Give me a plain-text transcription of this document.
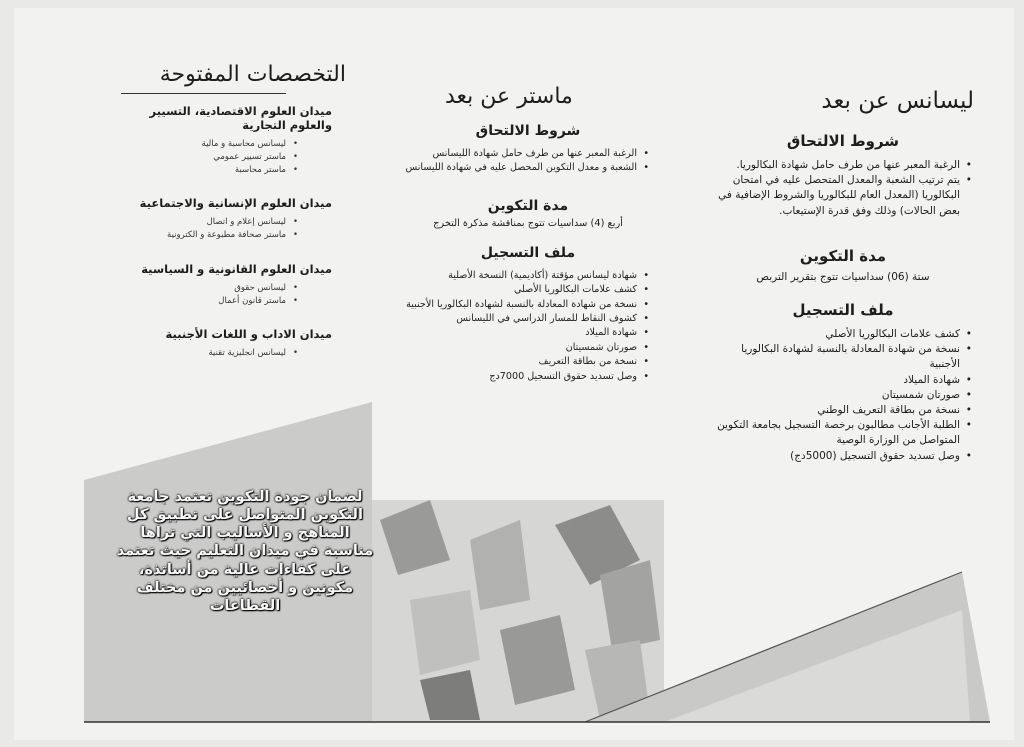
ليسانس عن بعد
شروط الالتحاق
• الرغبة المعبر عنها من طرف حامل شهادة البكالوريا.
• يتم ترتيب الشعبة والمعدل المتحصل عليه في امتحان البكالوريا (المعدل العام للبكالوريا والشروط الإضافية في بعض الحالات) وذلك وفق قدرة الإستيعاب.
مدة التكوين

ستة (06) سداسيات تتوج بتقرير التربص

ملف التسجيل
• كشف علامات البكالوريا الأصلي
• نسخة من شهادة المعادلة بالنسبة لشهادة البكالوريا الأجنبية
• شهادة الميلاد
• صورتان شمسيتان
• نسخة من بطاقة التعريف الوطني
• الطلبة الأجانب مطالبون برخصة التسجيل بجامعة التكوين المتواصل من الوزارة الوصية
• وصل تسديد حقوق التسجيل (5000دج)
ماستر عن بعد
شروط الالتحاق
• الرغبة المعبر عنها من طرف حامل شهادة الليسانس
• الشعبة و معدل التكوين المحصل عليه في شهادة الليسانس
مدة التكوين

أربع (4) سداسيات تتوج بمناقشة مذكرة التخرج

ملف التسجيل
• شهادة ليسانس مؤقتة (أكاديمية) النسخة الأصلية
• كشف علامات البكالوريا الأصلي
• نسخة من شهادة المعادلة بالنسبة لشهادة البكالوريا الأجنبية
• كشوف النقاط للمسار الدراسي في الليسانس
• شهادة الميلاد
• صورتان شمسيتان
• نسخة من بطاقة التعريف
• وصل تسديد حقوق التسجيل 7000دج
التخصصات المفتوحة
ميدان العلوم الاقتصادية، التسيير والعلوم التجارية
• ليسانس محاسبة و مالية
• ماستر تسيير عمومي
• ماستر محاسبة
ميدان العلوم الإنسانية والاجتماعية
• ليسانس إعلام و اتصال
• ماستر صحافة مطبوعة و الكترونية
ميدان العلوم القانونية و السياسية
• ليسانس حقوق
• ماستر قانون أعمال
ميدان الاداب و اللغات الأجنبية
• ليسانس انجليزية تقنية
لضمان جودة التكوين تعتمد جامعة التكوين المتواصل على تطبيق كل المناهج و الأساليب التي تراها مناسبة في ميدان التعليم حيث تعتمد على كفاءات عالية من أساتذة، مكونين و أخصائيين من مختلف القطاعات
